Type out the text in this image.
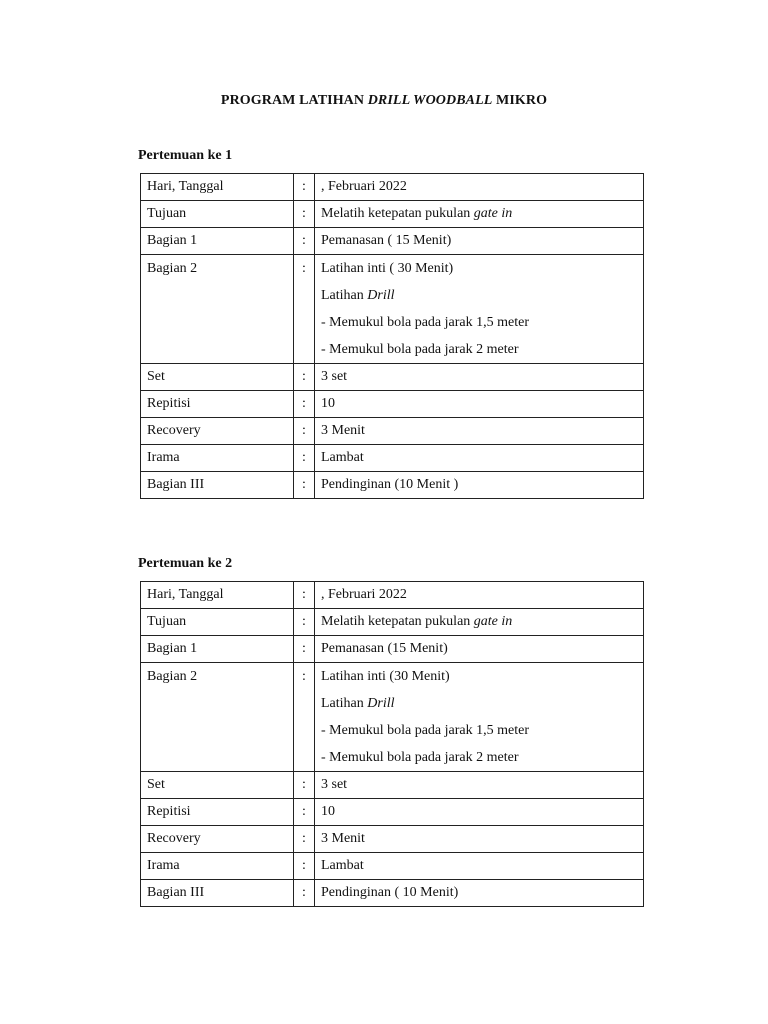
PROGRAM LATIHAN DRILL WOODBALL MIKRO
Pertemuan ke 1
Hari, Tanggal	:	, Februari 2022
Tujuan	:	Melatih ketepatan pukulan gate in
Bagian 1	:	Pemanasan ( 15 Menit)
Bagian 2	:	Latihan inti ( 30 Menit)
Latihan Drill
- Memukul bola pada jarak 1,5 meter
- Memukul bola pada jarak 2 meter

Set	:	3 set
Repitisi	:	10
Recovery	:	3 Menit
Irama	:	Lambat
Bagian III	:	Pendinginan (10 Menit )
Pertemuan ke 2
Hari, Tanggal	:	, Februari 2022
Tujuan	:	Melatih ketepatan pukulan gate in
Bagian 1	:	Pemanasan (15 Menit)
Bagian 2	:	Latihan inti (30 Menit)
Latihan Drill
- Memukul bola pada jarak 1,5 meter
- Memukul bola pada jarak 2 meter

Set	:	3 set
Repitisi	:	10
Recovery	:	3 Menit
Irama	:	Lambat
Bagian III	:	Pendinginan ( 10 Menit)
